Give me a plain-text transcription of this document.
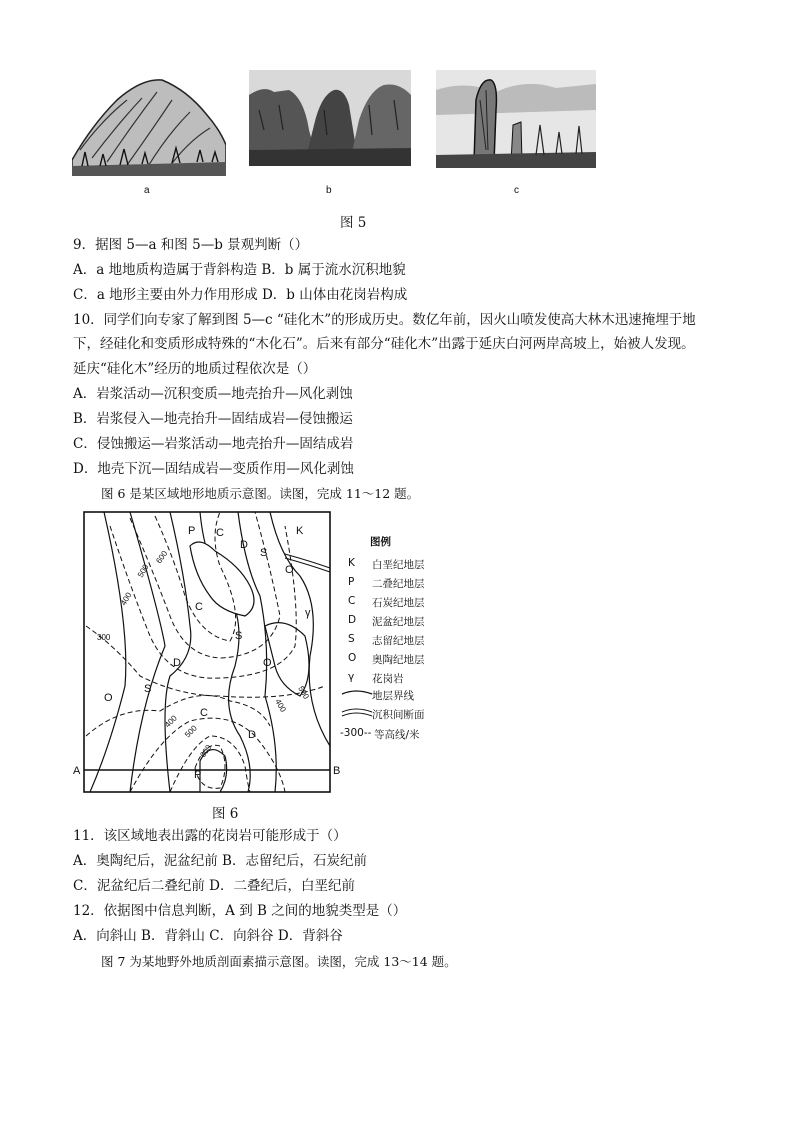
a	b	c
图 5
9．据图 5—a 和图 5—b 景观判断（）
A．a 地地质构造属于背斜构造 B．b 属于流水沉积地貌
C．a 地形主要由外力作用形成 D．b 山体由花岗岩构成
10．同学们向专家了解到图 5—c “硅化木”的形成历史。数亿年前，因火山喷发使高大林木迅速掩埋于地
下，经硅化和变质形成特殊的“木化石”。后来有部分“硅化木”出露于延庆白河两岸高坡上，始被人发现。
延庆“硅化木”经历的地质过程依次是（）
A．岩浆活动—沉积变质—地壳抬升—风化剥蚀
B．岩浆侵入—地壳抬升—固结成岩—侵蚀搬运
C．侵蚀搬运—岩浆活动—地壳抬升—固结成岩
D．地壳下沉—固结成岩—变质作用—风化剥蚀
图 6 是某区域地形地质示意图。读图，完成 11～12 题。
P C
D
S
K
O
γ
C
S
D	O
O
S
C
D
P
A	B
600
500
400
300
400
500
400
500
600
图例
K 白垩纪地层
P 二叠纪地层
C 石炭纪地层
D 泥盆纪地层
S 志留纪地层
O 奥陶纪地层
γ 花岗岩
地层界线
沉积间断面
-300-- 等高线/米
图 6
11．该区域地表出露的花岗岩可能形成于（）
A．奥陶纪后，泥盆纪前 B．志留纪后，石炭纪前
C．泥盆纪后二叠纪前 D．二叠纪后，白垩纪前
12．依据图中信息判断，A 到 B 之间的地貌类型是（）
A．向斜山 B．背斜山 C．向斜谷 D．背斜谷
图 7 为某地野外地质剖面素描示意图。读图，完成 13～14 题。
